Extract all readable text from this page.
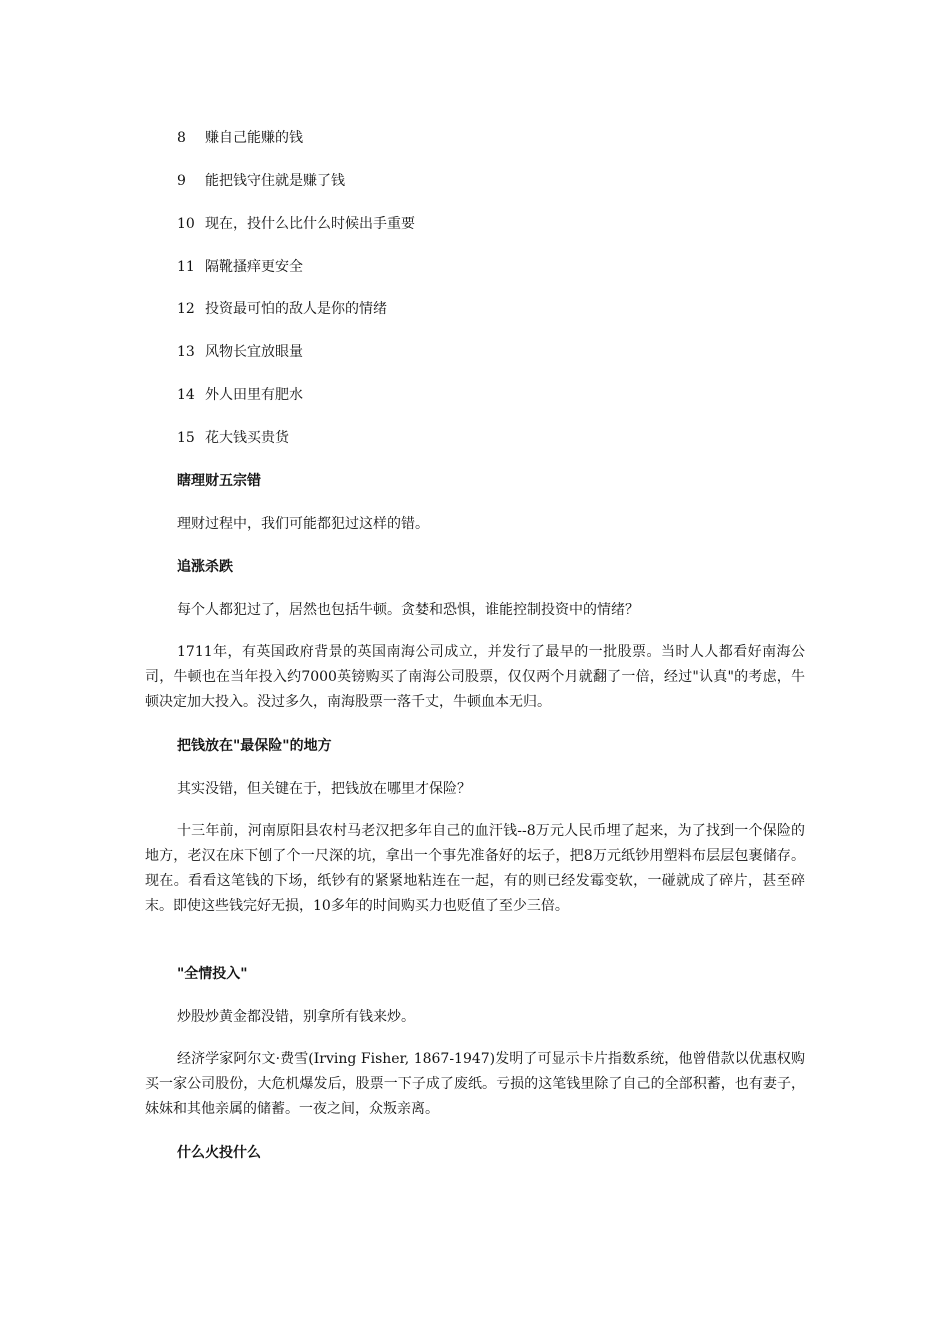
8 赚自己能赚的钱
9 能把钱守住就是赚了钱
10 现在，投什么比什么时候出手重要
11 隔靴搔痒更安全
12 投资最可怕的敌人是你的情绪
13 风物长宜放眼量
14 外人田里有肥水
15 花大钱买贵货
瞎理财五宗错
理财过程中，我们可能都犯过这样的错。
追涨杀跌
每个人都犯过了，居然也包括牛顿。贪婪和恐惧，谁能控制投资中的情绪？
1711年，有英国政府背景的英国南海公司成立，并发行了最早的一批股票。当时人人都看好南海公司，牛顿也在当年投入约7000英镑购买了南海公司股票，仅仅两个月就翻了一倍，经过"认真"的考虑，牛顿决定加大投入。没过多久，南海股票一落千丈，牛顿血本无归。
把钱放在"最保险"的地方
其实没错，但关键在于，把钱放在哪里才保险？
十三年前，河南原阳县农村马老汉把多年自己的血汗钱--8万元人民币埋了起来，为了找到一个保险的地方，老汉在床下刨了个一尺深的坑，拿出一个事先准备好的坛子，把8万元纸钞用塑料布层层包裹储存。现在。看看这笔钱的下场，纸钞有的紧紧地粘连在一起，有的则已经发霉变软，一碰就成了碎片，甚至碎末。即使这些钱完好无损，10多年的时间购买力也贬值了至少三倍。
"全情投入"
炒股炒黄金都没错，别拿所有钱来炒。
经济学家阿尔文·费雪(Irving Fisher, 1867-1947)发明了可显示卡片指数系统，他曾借款以优惠权购买一家公司股份，大危机爆发后，股票一下子成了废纸。亏损的这笔钱里除了自己的全部积蓄，也有妻子，妹妹和其他亲属的储蓄。一夜之间，众叛亲离。
什么火投什么
